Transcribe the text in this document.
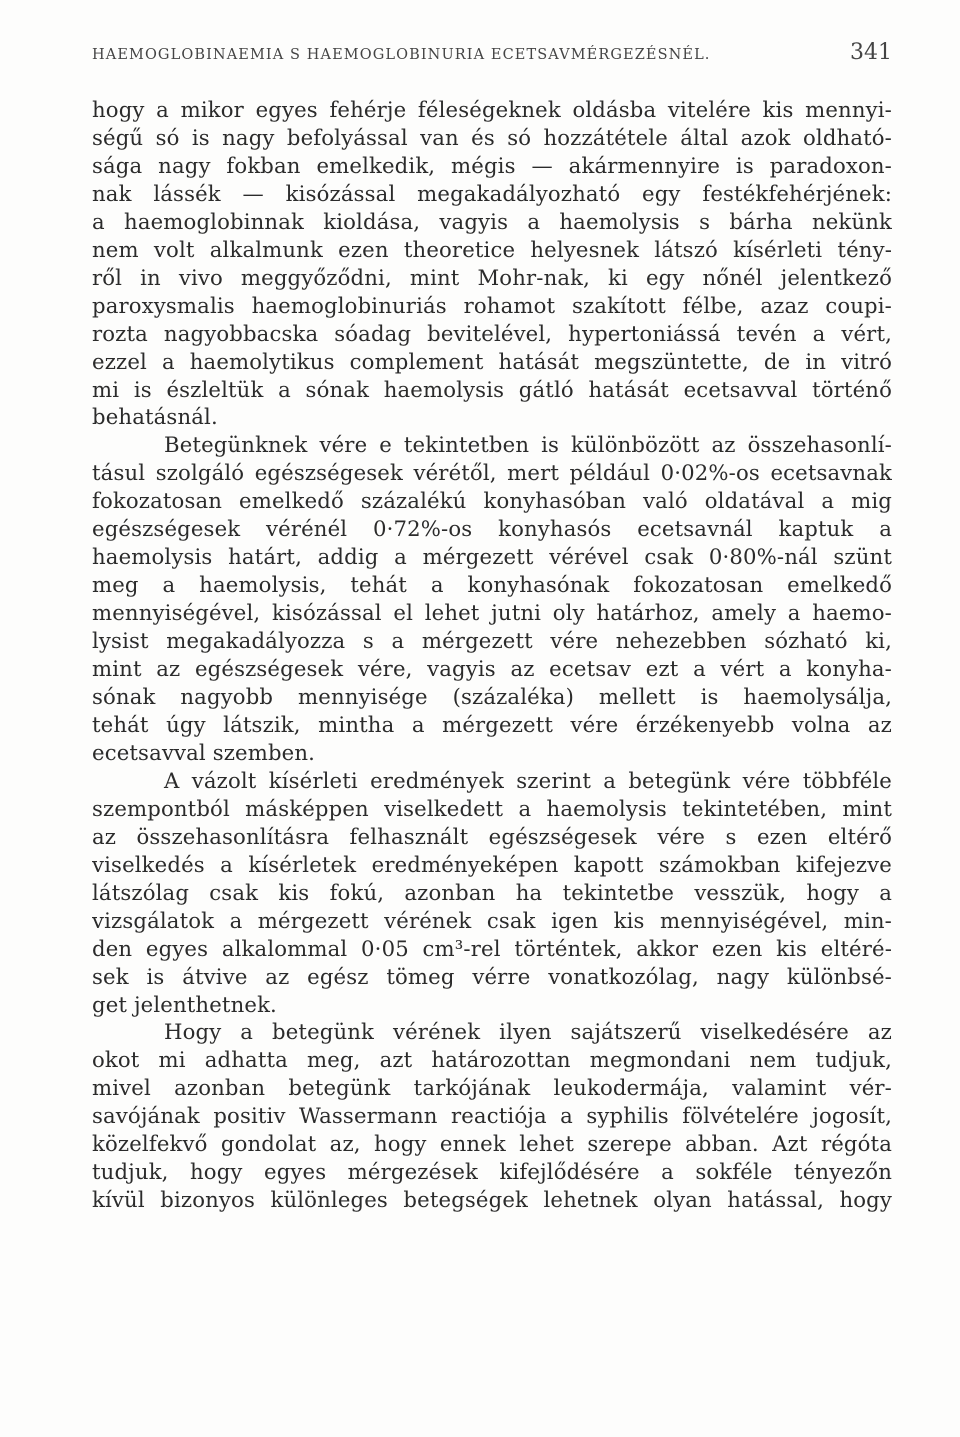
HAEMOGLOBINAEMIA S HAEMOGLOBINURIA ECETSAVMÉRGEZÉSNÉL.	341
hogy a mikor egyes fehérje féleségeknek oldásba vitelére kis mennyi-
ségű só is nagy befolyással van és só hozzátétele által azok oldható-
sága nagy fokban emelkedik, mégis — akármennyire is paradoxon-
nak lássék — kisózással megakadályozható egy festékfehérjének:
a haemoglobinnak kioldása, vagyis a haemolysis s bárha nekünk
nem volt alkalmunk ezen theoretice helyesnek látszó kísérleti tény-
ről in vivo meggyőződni, mint Mohr-nak, ki egy nőnél jelentkező
paroxysmalis haemoglobinuriás rohamot szakított félbe, azaz coupi-
rozta nagyobbacska sóadag bevitelével, hypertoniássá tevén a vért,
ezzel a haemolytikus complement hatását megszüntette, de in vitró
mi is észleltük a sónak haemolysis gátló hatását ecetsavval történő
behatásnál.
Betegünknek vére e tekintetben is különbözött az összehasonlí-
tásul szolgáló egészségesek vérétől, mert például 0·02%-os ecetsavnak
fokozatosan emelkedő százalékú konyhasóban való oldatával a mig
egészségesek vérénél 0·72%-os konyhasós ecetsavnál kaptuk a
haemolysis határt, addig a mérgezett vérével csak 0·80%-nál szünt
meg a haemolysis, tehát a konyhasónak fokozatosan emelkedő
mennyiségével, kisózással el lehet jutni oly határhoz, amely a haemo-
lysist megakadályozza s a mérgezett vére nehezebben sózható ki,
mint az egészségesek vére, vagyis az ecetsav ezt a vért a konyha-
sónak nagyobb mennyisége (százaléka) mellett is haemolysálja,
tehát úgy látszik, mintha a mérgezett vére érzékenyebb volna az
ecetsavval szemben.
A vázolt kísérleti eredmények szerint a betegünk vére többféle
szempontból másképpen viselkedett a haemolysis tekintetében, mint
az összehasonlításra felhasznált egészségesek vére s ezen eltérő
viselkedés a kísérletek eredményeképen kapott számokban kifejezve
látszólag csak kis fokú, azonban ha tekintetbe vesszük, hogy a
vizsgálatok a mérgezett vérének csak igen kis mennyiségével, min-
den egyes alkalommal 0·05 cm³-rel történtek, akkor ezen kis eltéré-
sek is átvive az egész tömeg vérre vonatkozólag, nagy különbsé-
get jelenthetnek.
Hogy a betegünk vérének ilyen sajátszerű viselkedésére az
okot mi adhatta meg, azt határozottan megmondani nem tudjuk,
mivel azonban betegünk tarkójának leukodermája, valamint vér-
savójának positiv Wassermann reactiója a syphilis fölvételére jogosít,
közelfekvő gondolat az, hogy ennek lehet szerepe abban. Azt régóta
tudjuk, hogy egyes mérgezések kifejlődésére a sokféle tényezőn
kívül bizonyos különleges betegségek lehetnek olyan hatással, hogy
